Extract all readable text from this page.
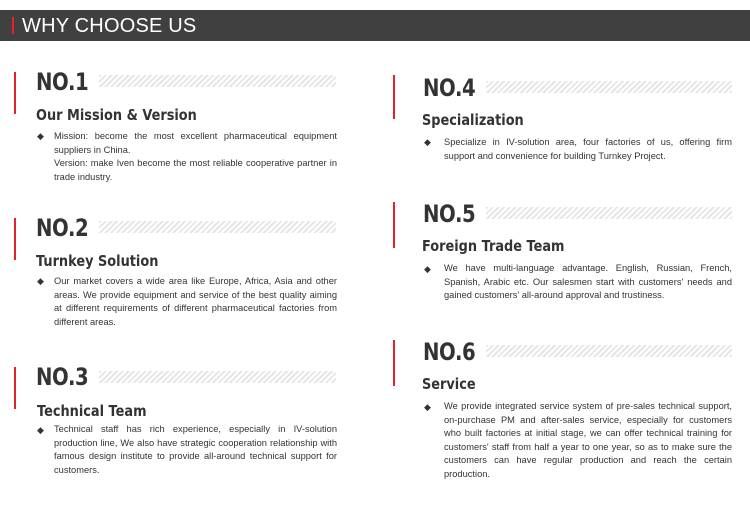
WHY CHOOSE US
NO.1
Our Mission & Version
◆ Mission: become the most excellent pharmaceutical equipment suppliers in China.

Version: make Iven become the most reliable cooperative partner in trade industry.

NO.2
Turnkey Solution
◆ Our market covers a wide area like Europe, Africa, Asia and other areas. We provide equipment and service of the best quality aiming at different requirements of different pharmaceutical factories from different areas.

NO.3
Technical Team
◆ Technical staff has rich experience, especially in IV-solution production line, We also have strategic cooperation relationship with famous design institute to provide all-around technical support for customers.

NO.4
Specialization
◆ Specialize in IV-solution area, four factories of us, offering firm support and convenience for building Turnkey Project.

NO.5
Foreign Trade Team
◆ We have multi-language advantage. English, Russian, French, Spanish, Arabic etc. Our salesmen start with customers' needs and gained customers' all-around approval and trustiness.

NO.6
Service
◆ We provide integrated service system of pre-sales technical support, on-purchase PM and after-sales service, especially for customers who built factories at initial stage, we can offer technical training for customers' staff from half a year to one year, so as to make sure the customers can have regular production and reach the certain production.
